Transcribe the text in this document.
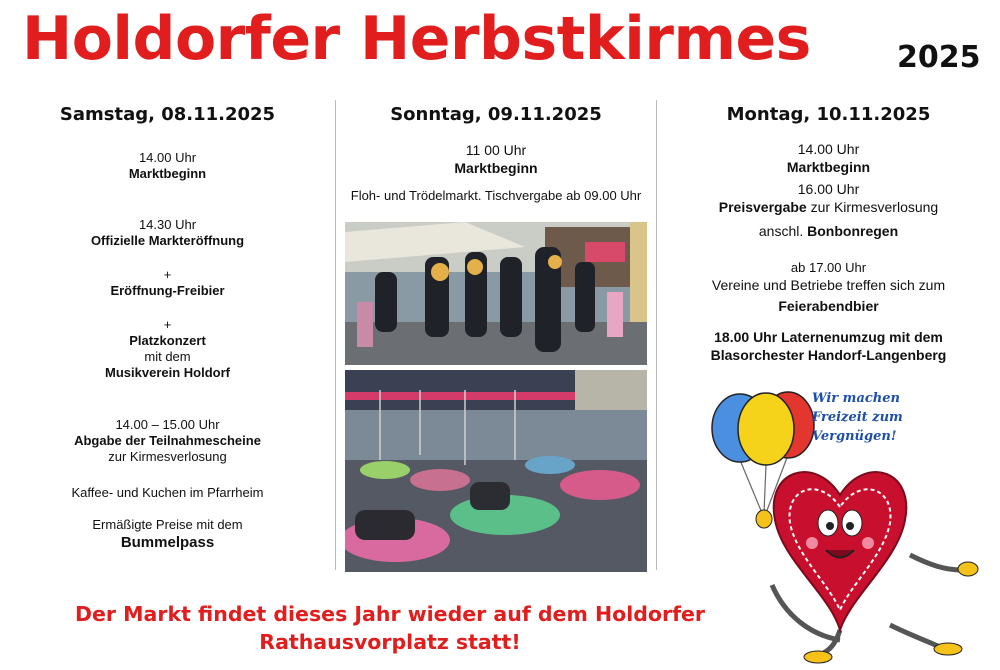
Holdorfer Herbstkirmes	2025
Samstag, 08.11.2025
14.00 Uhr
Marktbeginn
14.30 Uhr
Offizielle Markteröffnung
+
Eröffnung-Freibier
+
Platzkonzert
mit dem
Musikverein Holdorf
14.00 – 15.00 Uhr
Abgabe der Teilnahmescheine
zur Kirmesverlosung
Kaffee- und Kuchen im Pfarrheim
Ermäßigte Preise mit dem
Bummelpass
Sonntag, 09.11.2025
11 00 Uhr
Marktbeginn
Floh- und Trödelmarkt. Tischvergabe ab 09.00 Uhr
Montag, 10.11.2025
14.00 Uhr
Marktbeginn
16.00 Uhr
Preisvergabe zur Kirmesverlosung
anschl. Bonbonregen
ab 17.00 Uhr
Vereine und Betriebe treffen sich zum
Feierabendbier
18.00 Uhr Laternenumzug mit dem
Blasorchester Handorf-Langenberg
Wir machen
Freizeit zum
Vergnügen!
Der Markt findet dieses Jahr wieder auf dem Holdorfer
Rathausvorplatz statt!
